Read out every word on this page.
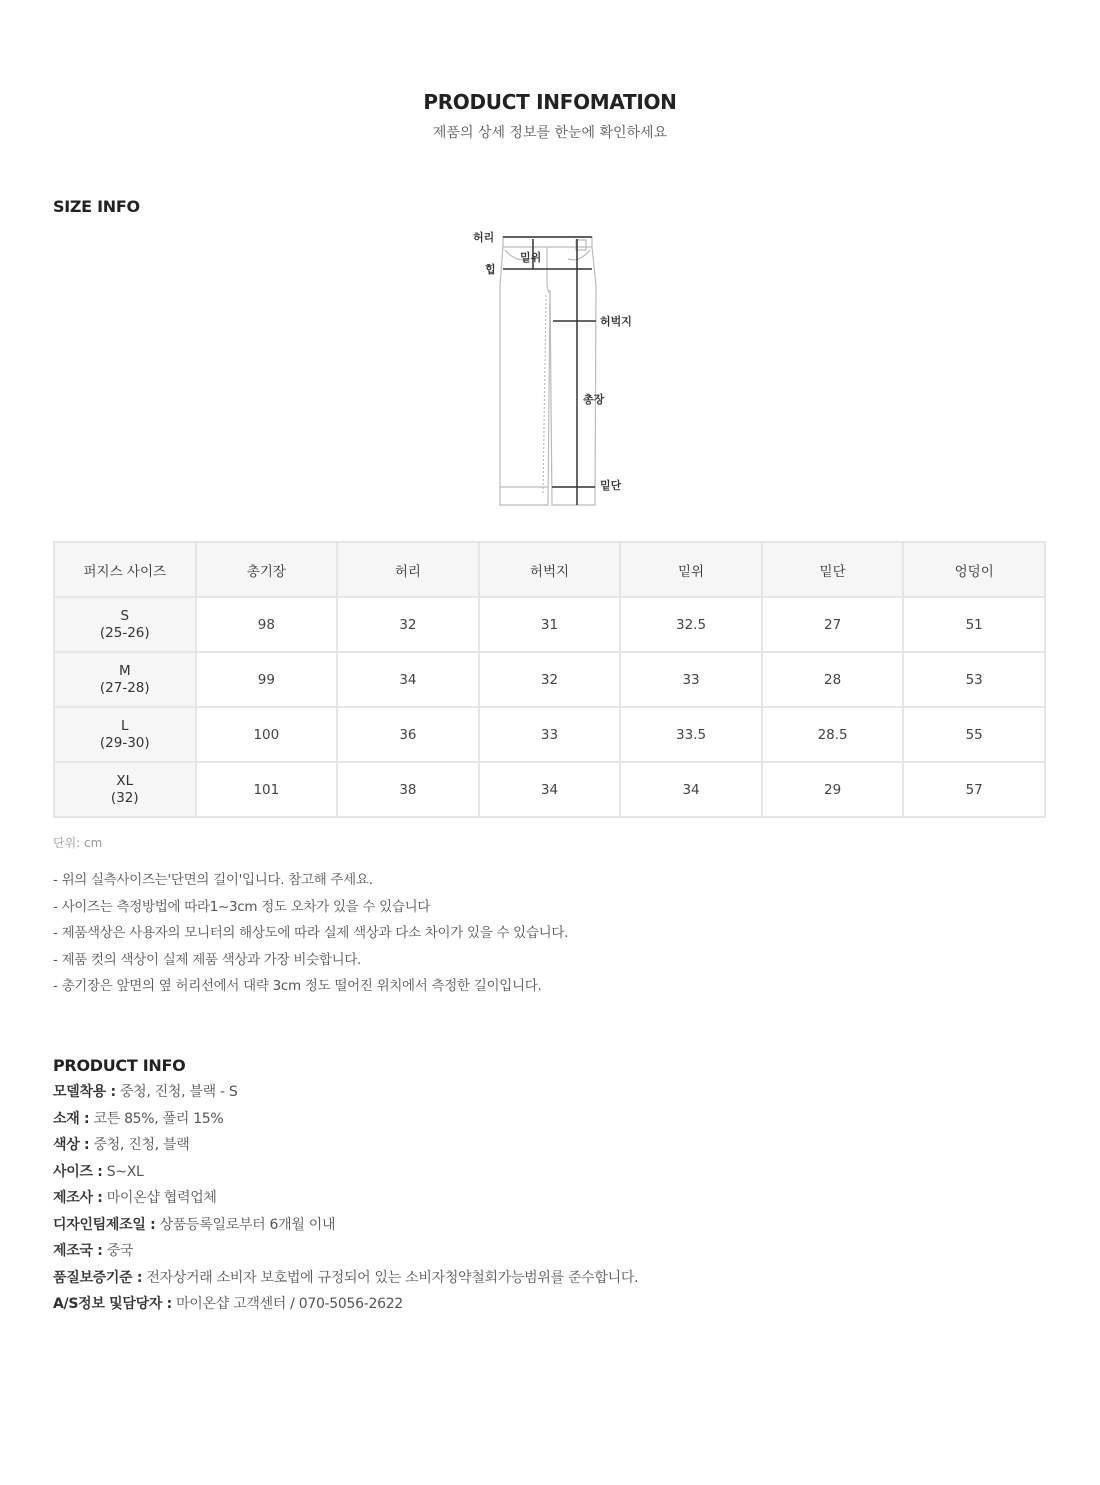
PRODUCT INFOMATION

제품의 상세 정보를 한눈에 확인하세요

SIZE INFO
허리
힙
밑위
허벅지
총장
밑단
퍼지스 사이즈	총기장	허리	허벅지	밑위	밑단	엉덩이

S
(25-26)	98	32	31	32.5	27	51

M
(27-28)	99	34	32	33	28	53

L
(29-30)	100	36	33	33.5	28.5	55

XL
(32)	101	38	34	34	29	57
단위: cm
- 위의 실측사이즈는'단면의 길이'입니다. 참고해 주세요.
- 사이즈는 측정방법에 따라1~3cm 정도 오차가 있을 수 있습니다
- 제품색상은 사용자의 모니터의 해상도에 따라 실제 색상과 다소 차이가 있을 수 있습니다.
- 제품 컷의 색상이 실제 제품 색상과 가장 비슷합니다.
- 총기장은 앞면의 옆 허리선에서 대략 3cm 정도 떨어진 위치에서 측정한 길이입니다.
PRODUCT INFO
모델착용 : 중청, 진청, 블랙 - S
소재 : 코튼 85%, 폴리 15%
색상 : 중청, 진청, 블랙
사이즈 : S~XL
제조사 : 마이온샵 협력업체
디자인팀제조일 : 상품등록일로부터 6개월 이내
제조국 : 중국
품질보증기준 : 전자상거래 소비자 보호법에 규정되어 있는 소비자청약철회가능범위를 준수합니다.
A/S정보 및담당자 : 마이온샵 고객센터 / 070-5056-2622
